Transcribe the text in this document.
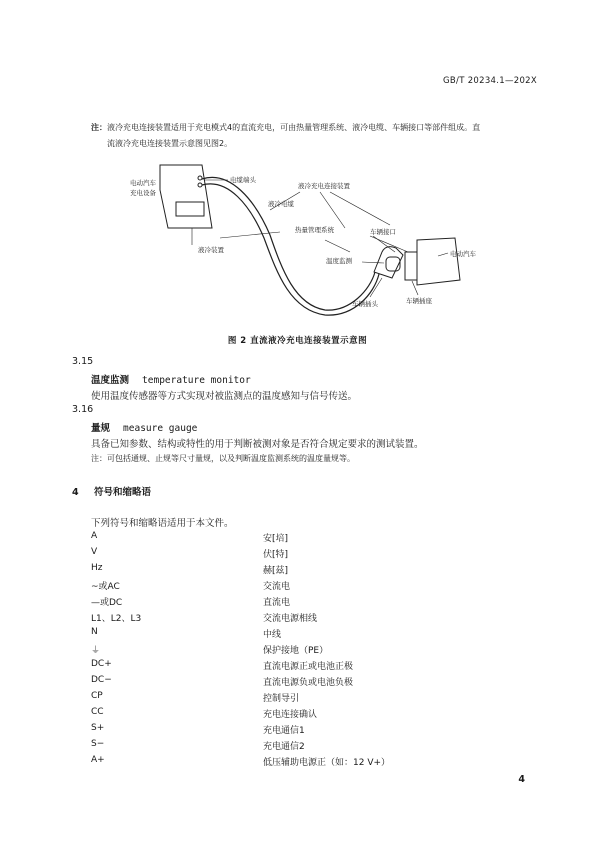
GB/T 20234.1—202X
注：液冷充电连接装置适用于充电模式4的直流充电，可由热量管理系统、液冷电缆、车辆接口等部件组成。直
流液冷充电连接装置示意图见图2。
电动汽车
充电设备
电缆端头
液冷充电连接装置
液冷电缆
热量管理系统	车辆接口
液冷装置
温度监测
电动汽车
车辆插头	车辆插座
图 2 直流液冷充电连接装置示意图
3.15
温度监测 temperature monitor
使用温度传感器等方式实现对被监测点的温度感知与信号传送。
3.16
量规 measure gauge
具备已知参数、结构或特性的用于判断被测对象是否符合规定要求的测试装置。
注：可包括通规、止规等尺寸量规，以及判断温度监测系统的温度量规等。
4 符号和缩略语
下列符号和缩略语适用于本文件。
A	安[培]
V	伏[特]
Hz	赫[兹]
~或AC	交流电
—或DC	直流电
L1、L2、L3	交流电源相线
N	中线
⏚	保护接地（PE）
DC+	直流电源正或电池正极
DC−	直流电源负或电池负极
CP	控制导引
CC	充电连接确认
S+	充电通信1
S−	充电通信2
A+	低压辅助电源正（如：12 V+）
4
